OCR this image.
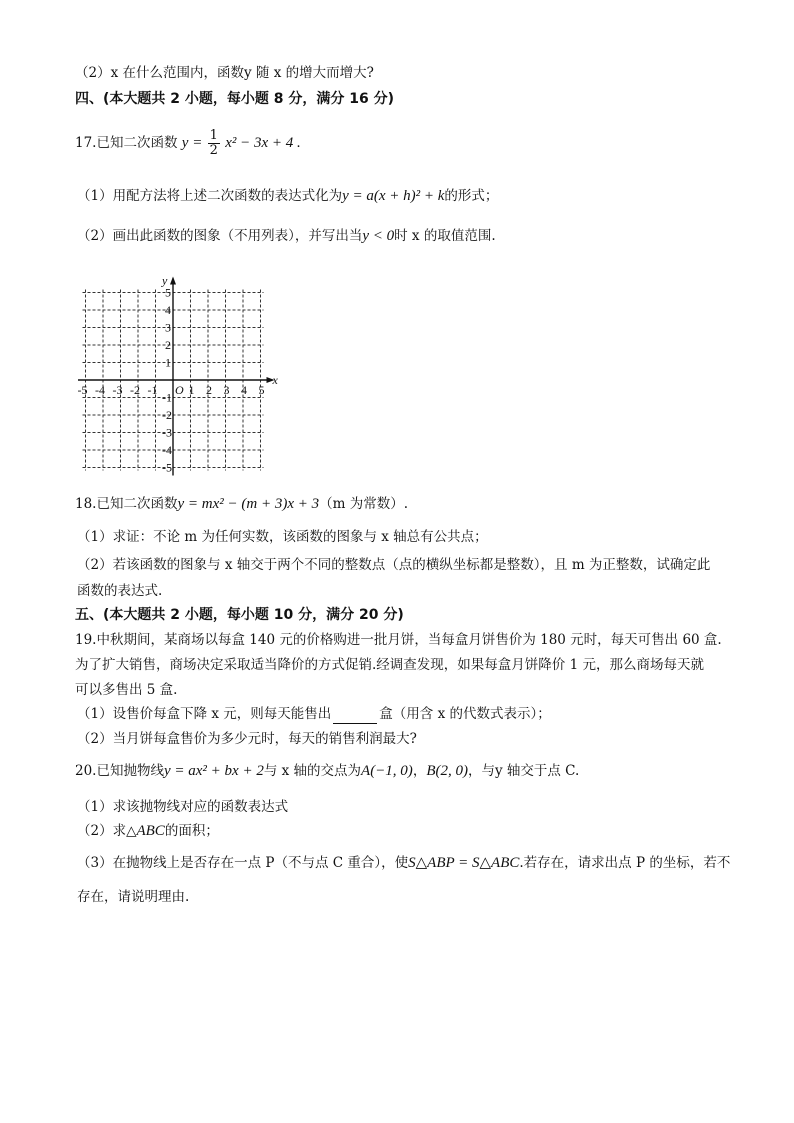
（2）x 在什么范围内，函数y 随 x 的增大而增大?
四、(本大题共 2 小题，每小题 8 分，满分 16 分)
17.已知二次函数 $y = \frac{1}{2} x^2 - 3x + 4$ .
（1）用配方法将上述二次函数的表达式化为y = a(x + h)² + k的形式；
（2）画出此函数的图象（不用列表），并写出当y < 0时 x 的取值范围.
x
y
O
-5 -4 -3 -2 -1	1 2 3 4 5
5
4
3
2
1
-1
-2
-3
-4
-5
18.已知二次函数y = mx² − (m + 3)x + 3（m 为常数）.
（1）求证：不论 m 为任何实数，该函数的图象与 x 轴总有公共点；
（2）若该函数的图象与 x 轴交于两个不同的整数点（点的横纵坐标都是整数），且 m 为正整数，试确定此
函数的表达式.
五、(本大题共 2 小题，每小题 10 分，满分 20 分)
19.中秋期间，某商场以每盒 140 元的价格购进一批月饼，当每盒月饼售价为 180 元时，每天可售出 60 盒.
为了扩大销售，商场决定采取适当降价的方式促销.经调查发现，如果每盒月饼降价 1 元，那么商场每天就
可以多售出 5 盒.
（1）设售价每盒下降 x 元，则每天能售出	盒（用含 x 的代数式表示）；
（2）当月饼每盒售价为多少元时，每天的销售利润最大?
20.已知抛物线y = ax² + bx + 2与 x 轴的交点为A(−1, 0)，B(2, 0)，与y 轴交于点 C.
（1）求该抛物线对应的函数表达式
（2）求△ABC的面积；
（3）在抛物线上是否存在一点 P（不与点 C 重合），使S△ABP = S△ABC.若存在，请求出点 P 的坐标，若不
存在，请说明理由.
